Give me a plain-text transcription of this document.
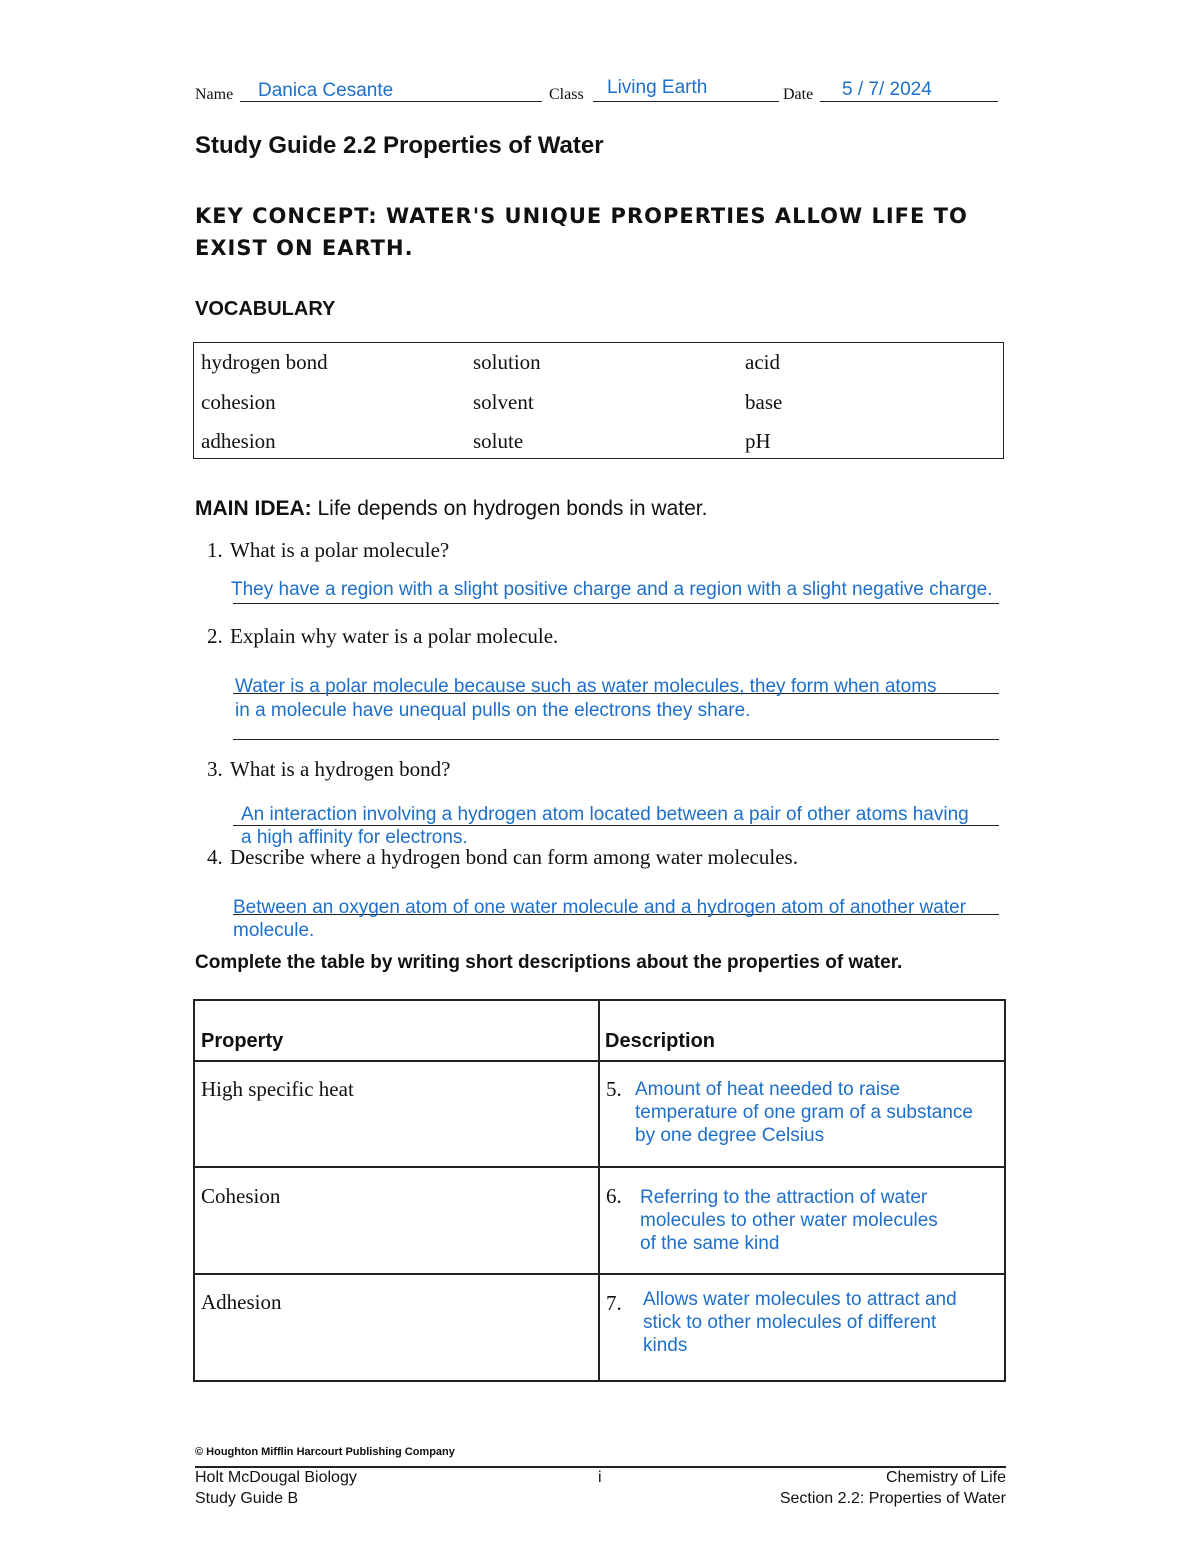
Name Danica Cesante	Class Living Earth	Date 5 / 7/ 2024
Study Guide 2.2 Properties of Water
KEY CONCEPT: WATER'S UNIQUE PROPERTIES ALLOW LIFE TO EXIST ON EARTH.
VOCABULARY
hydrogen bond	solution	acid
cohesion	solvent	base
adhesion	solute	pH
MAIN IDEA: Life depends on hydrogen bonds in water.
1. What is a polar molecule?
They have a region with a slight positive charge and a region with a slight negative charge.
2. Explain why water is a polar molecule.
Water is a polar molecule because such as water molecules, they form when atoms
in a molecule have unequal pulls on the electrons they share.
3. What is a hydrogen bond?
An interaction involving a hydrogen atom located between a pair of other atoms having
a high affinity for electrons.
4. Describe where a hydrogen bond can form among water molecules.
Between an oxygen atom of one water molecule and a hydrogen atom of another water
molecule.
Complete the table by writing short descriptions about the properties of water.
Property	Description
High specific heat	5. Amount of heat needed to raise
temperature of one gram of a substance
by one degree Celsius
Cohesion	6. Referring to the attraction of water
molecules to other water molecules
of the same kind
Adhesion	7. Allows water molecules to attract and
stick to other molecules of different
kinds
© Houghton Mifflin Harcourt Publishing Company
Holt McDougal Biology
Study Guide B
i	Chemistry of Life
Section 2.2: Properties of Water
